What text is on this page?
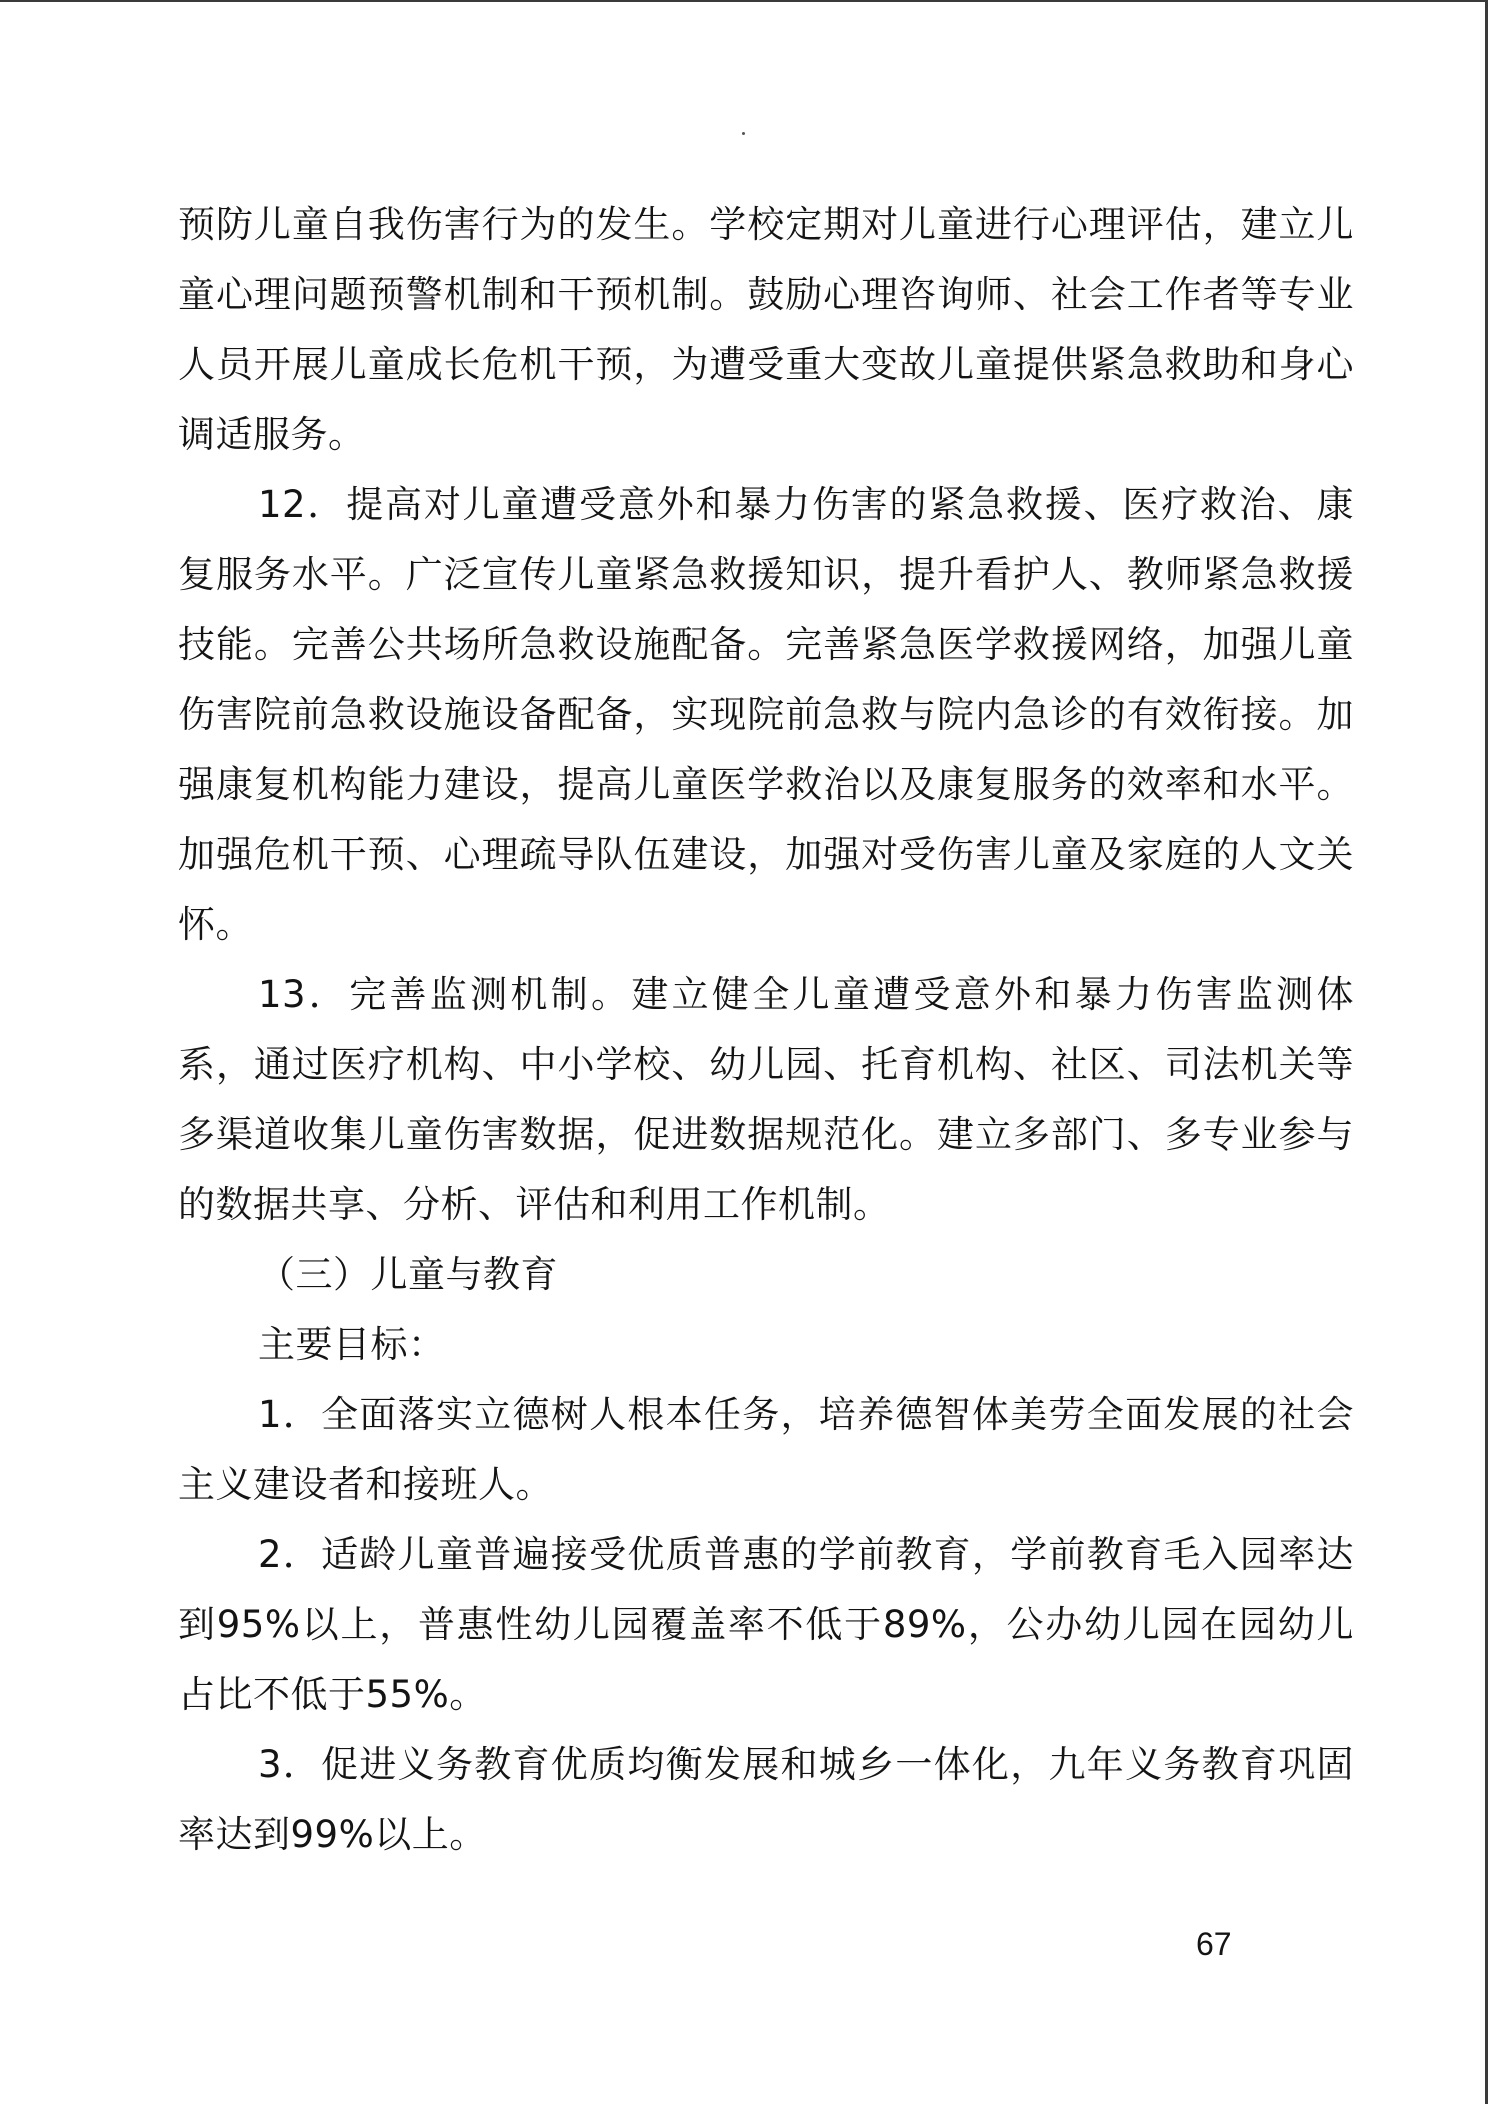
预防儿童自我伤害行为的发生。学校定期对儿童进行心理评估，建立儿童心理问题预警机制和干预机制。鼓励心理咨询师、社会工作者等专业人员开展儿童成长危机干预，为遭受重大变故儿童提供紧急救助和身心调适服务。

12．提高对儿童遭受意外和暴力伤害的紧急救援、医疗救治、康复服务水平。广泛宣传儿童紧急救援知识，提升看护人、教师紧急救援技能。完善公共场所急救设施配备。完善紧急医学救援网络，加强儿童伤害院前急救设施设备配备，实现院前急救与院内急诊的有效衔接。加强康复机构能力建设，提高儿童医学救治以及康复服务的效率和水平。加强危机干预、心理疏导队伍建设，加强对受伤害儿童及家庭的人文关怀。

13．完善监测机制。建立健全儿童遭受意外和暴力伤害监测体系，通过医疗机构、中小学校、幼儿园、托育机构、社区、司法机关等多渠道收集儿童伤害数据，促进数据规范化。建立多部门、多专业参与的数据共享、分析、评估和利用工作机制。

（三）儿童与教育

主要目标：

1．全面落实立德树人根本任务，培养德智体美劳全面发展的社会主义建设者和接班人。

2．适龄儿童普遍接受优质普惠的学前教育，学前教育毛入园率达到95%以上，普惠性幼儿园覆盖率不低于89%，公办幼儿园在园幼儿占比不低于55%。

3．促进义务教育优质均衡发展和城乡一体化，九年义务教育巩固率达到99%以上。

67
